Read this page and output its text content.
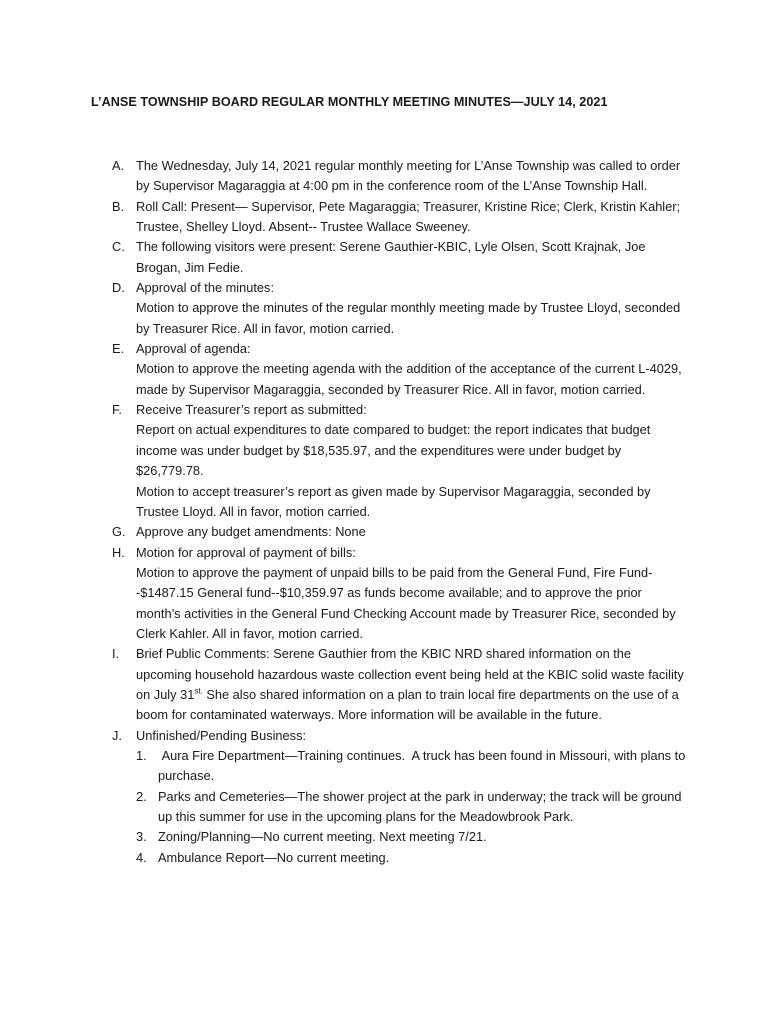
L’ANSE TOWNSHIP BOARD REGULAR MONTHLY MEETING MINUTES—JULY 14, 2021
A. The Wednesday, July 14, 2021 regular monthly meeting for L’Anse Township was called to order by Supervisor Magaraggia at 4:00 pm in the conference room of the L’Anse Township Hall.

B. Roll Call: Present— Supervisor, Pete Magaraggia; Treasurer, Kristine Rice; Clerk, Kristin Kahler; Trustee, Shelley Lloyd. Absent-- Trustee Wallace Sweeney.

C. The following visitors were present: Serene Gauthier-KBIC, Lyle Olsen, Scott Krajnak, Joe Brogan, Jim Fedie.

D. Approval of the minutes:

Motion to approve the minutes of the regular monthly meeting made by Trustee Lloyd, seconded by Treasurer Rice. All in favor, motion carried.

E. Approval of agenda:

Motion to approve the meeting agenda with the addition of the acceptance of the current L-4029, made by Supervisor Magaraggia, seconded by Treasurer Rice. All in favor, motion carried.

F. Receive Treasurer’s report as submitted:

Report on actual expenditures to date compared to budget: the report indicates that budget income was under budget by $18,535.97, and the expenditures were under budget by $26,779.78.

Motion to accept treasurer’s report as given made by Supervisor Magaraggia, seconded by Trustee Lloyd. All in favor, motion carried.

G. Approve any budget amendments: None

H. Motion for approval of payment of bills:

Motion to approve the payment of unpaid bills to be paid from the General Fund, Fire Fund--$1487.15 General fund--$10,359.97 as funds become available; and to approve the prior month’s activities in the General Fund Checking Account made by Treasurer Rice, seconded by Clerk Kahler. All in favor, motion carried.

I. Brief Public Comments: Serene Gauthier from the KBIC NRD shared information on the upcoming household hazardous waste collection event being held at the KBIC solid waste facility on July $31^{st.}$ She also shared information on a plan to train local fire departments on the use of a boom for contaminated waterways. More information will be available in the future.

J. Unfinished/Pending Business:

1. Aura Fire Department—Training continues.  A truck has been found in Missouri, with plans to purchase.
2. Parks and Cemeteries—The shower project at the park in underway; the track will be ground up this summer for use in the upcoming plans for the Meadowbrook Park.
3. Zoning/Planning—No current meeting. Next meeting 7/21.
4. Ambulance Report—No current meeting.
